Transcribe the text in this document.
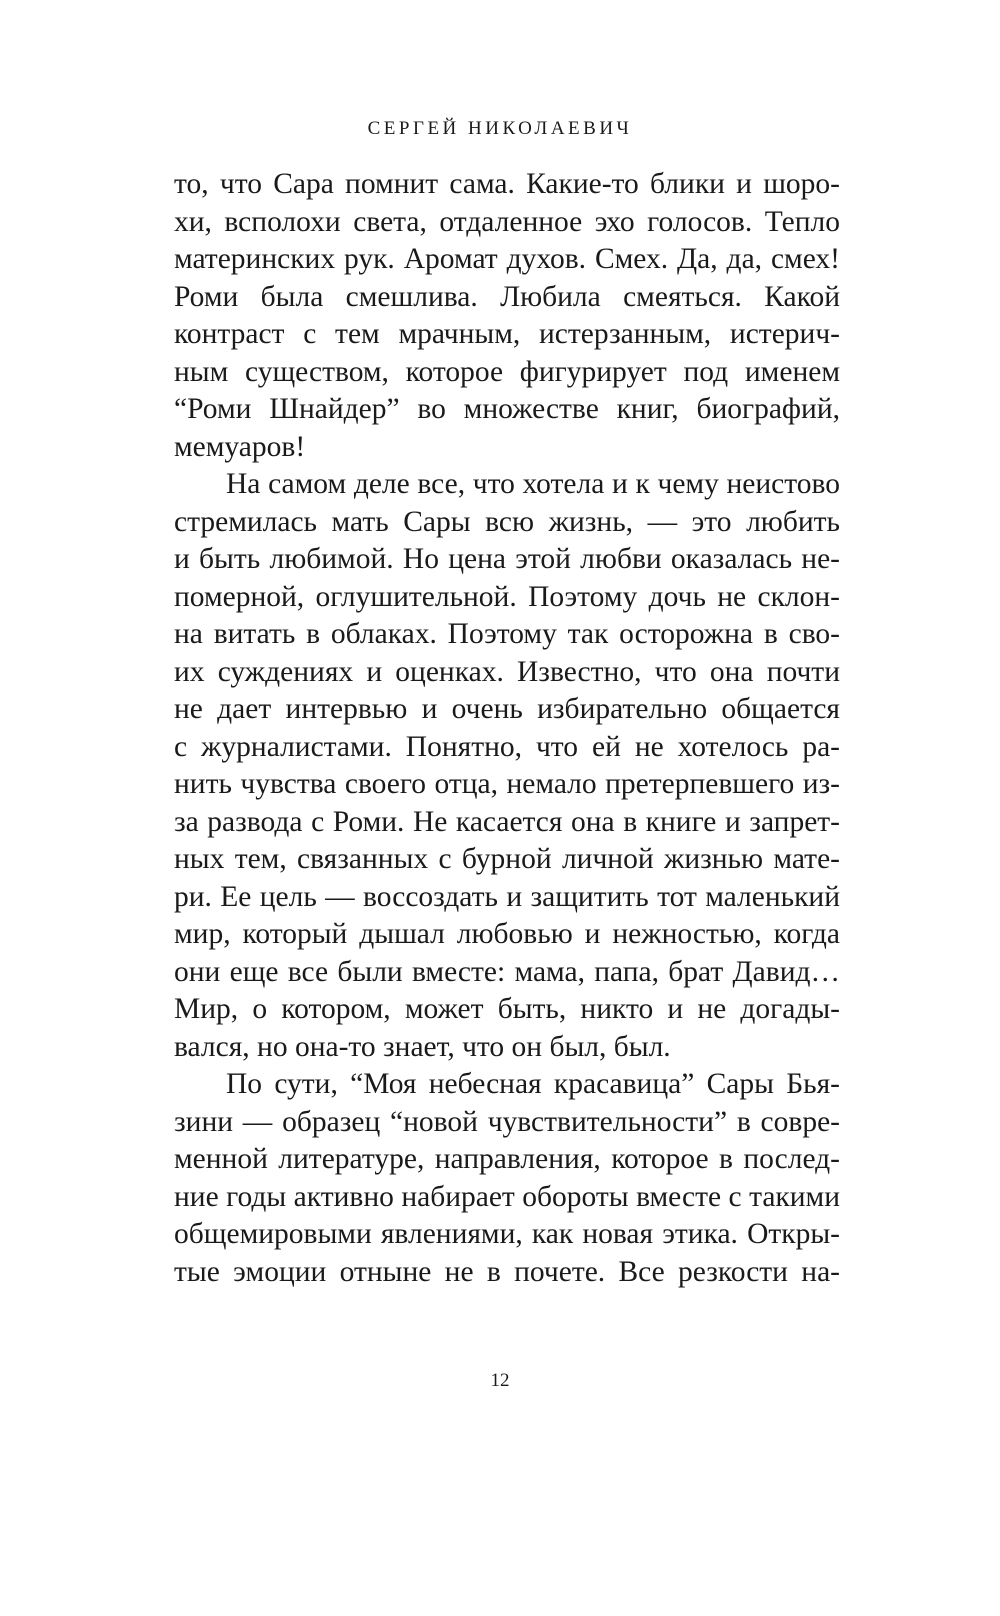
СЕРГЕЙ НИКОЛАЕВИЧ
то, что Сара помнит сама. Какие-то блики и шоро-
хи, всполохи света, отдаленное эхо голосов. Тепло
материнских рук. Аромат духов. Смех. Да, да, смех!
Роми была смешлива. Любила смеяться. Какой
контраст с тем мрачным, истерзанным, истерич-
ным существом, которое фигурирует под именем
“Роми Шнайдер” во множестве книг, биографий,
мемуаров!
На самом деле все, что хотела и к чему неистово
стремилась мать Сары всю жизнь, — это любить
и быть любимой. Но цена этой любви оказалась не-
померной, оглушительной. Поэтому дочь не склон-
на витать в облаках. Поэтому так осторожна в сво-
их суждениях и оценках. Известно, что она почти
не дает интервью и очень избирательно общается
с журналистами. Понятно, что ей не хотелось ра-
нить чувства своего отца, немало претерпевшего из-
за развода с Роми. Не касается она в книге и запрет-
ных тем, связанных с бурной личной жизнью мате-
ри. Ее цель — воссоздать и защитить тот маленький
мир, который дышал любовью и нежностью, когда
они еще все были вместе: мама, папа, брат Давид…
Мир, о котором, может быть, никто и не догады-
вался, но она-то знает, что он был, был.
По сути, “Моя небесная красавица” Сары Бья-
зини — образец “новой чувствительности” в совре-
менной литературе, направления, которое в послед-
ние годы активно набирает обороты вместе с такими
общемировыми явлениями, как новая этика. Откры-
тые эмоции отныне не в почете. Все резкости на-
12
